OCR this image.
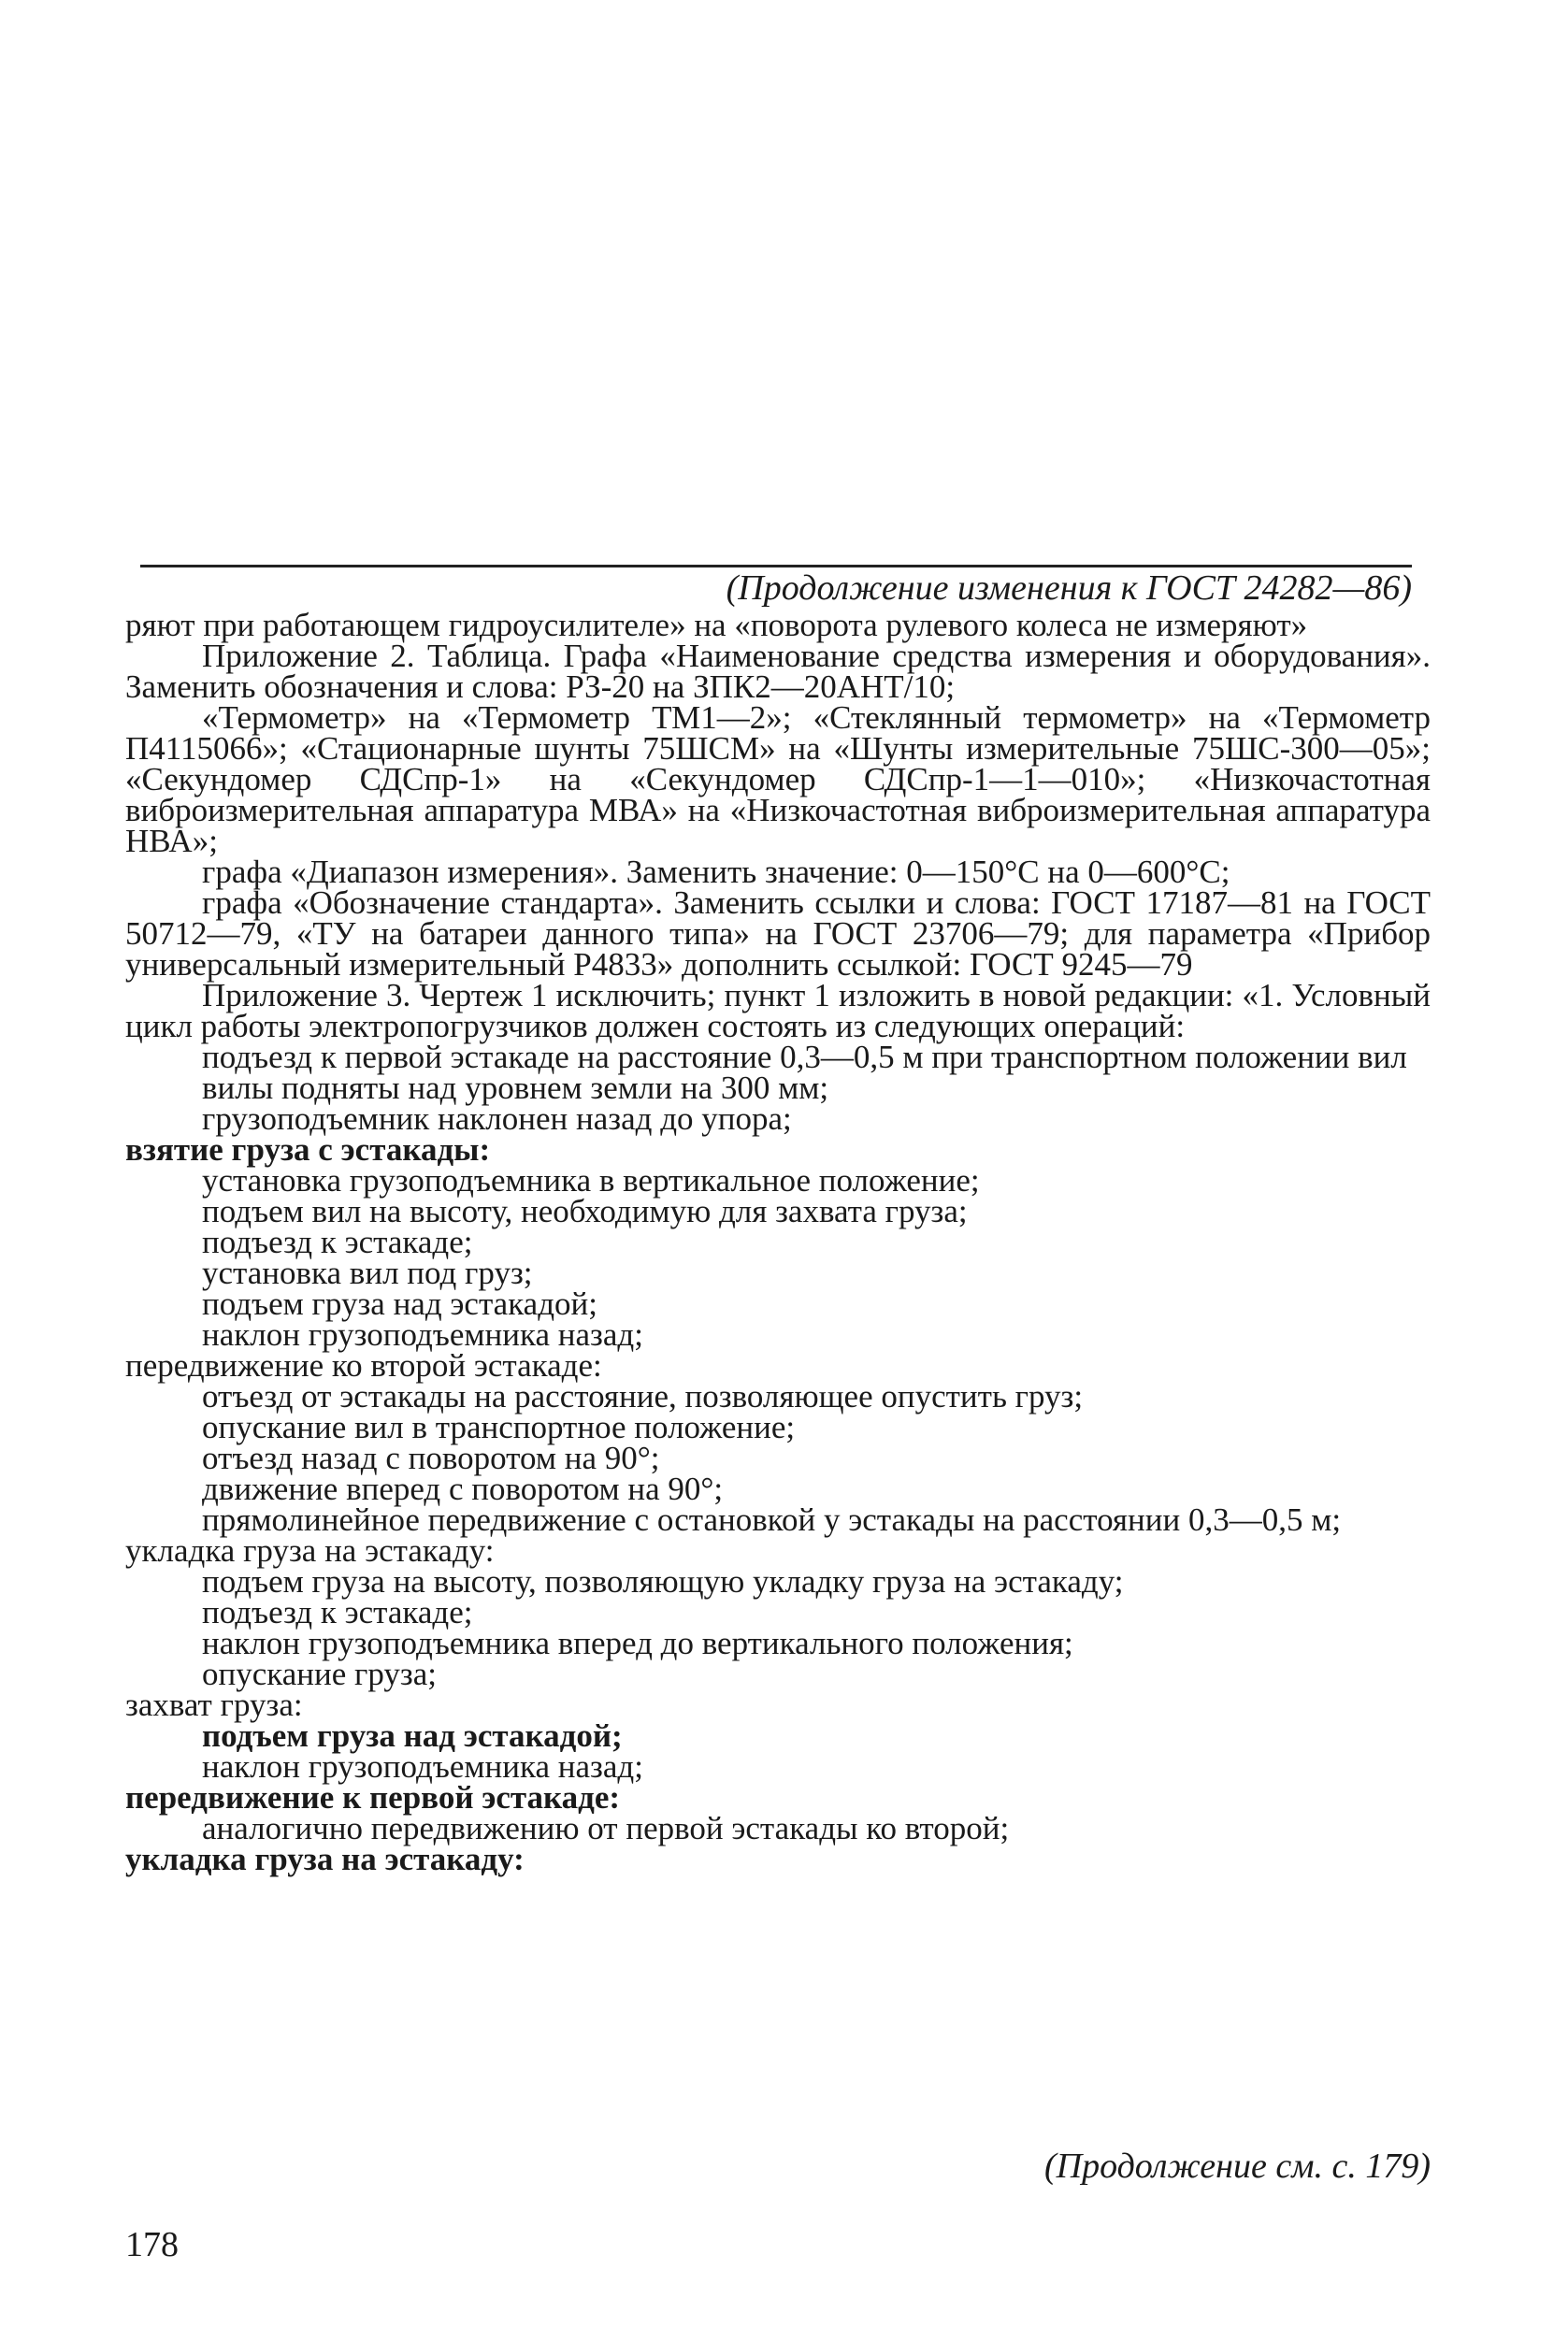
(Продолжение изменения к ГОСТ 24282—86)

ряют при работающем гидроусилителе» на «поворота рулевого колеса не измеряют»

Приложение 2. Таблица. Графа «Наименование средства измерения и оборудования». Заменить обозначения и слова: РЗ-20 на ЗПК2—20АНТ/10;

«Термометр» на «Термометр ТМ1—2»; «Стеклянный термометр» на «Термометр П4115066»; «Стационарные шунты 75ШСМ» на «Шунты измерительные 75ШС-300—05»; «Секундомер СДСпр-1» на «Секундомер СДСпр-1—1—010»; «Низкочастотная виброизмерительная аппаратура МВА» на «Низкочастотная виброизмерительная аппаратура НВА»;

графа «Диапазон измерения». Заменить значение: 0—150°С на 0—600°С;

графа «Обозначение стандарта». Заменить ссылки и слова: ГОСТ 17187—81 на ГОСТ 50712—79, «ТУ на батареи данного типа» на ГОСТ 23706—79; для параметра «Прибор универсальный измерительный Р4833» дополнить ссылкой: ГОСТ 9245—79

Приложение 3. Чертеж 1 исключить; пункт 1 изложить в новой редакции: «1. Условный цикл работы электропогрузчиков должен состоять из следующих операций:

подъезд к первой эстакаде на расстояние 0,3—0,5 м при транспортном положении вил

вилы подняты над уровнем земли на 300 мм;

грузоподъемник наклонен назад до упора;

взятие груза с эстакады:

установка грузоподъемника в вертикальное положение;

подъем вил на высоту, необходимую для захвата груза;

подъезд к эстакаде;

установка вил под груз;

подъем груза над эстакадой;

наклон грузоподъемника назад;

передвижение ко второй эстакаде:

отъезд от эстакады на расстояние, позволяющее опустить груз;

опускание вил в транспортное положение;

отъезд назад с поворотом на 90°;

движение вперед с поворотом на 90°;

прямолинейное передвижение с остановкой у эстакады на расстоянии 0,3—0,5 м;

укладка груза на эстакаду:

подъем груза на высоту, позволяющую укладку груза на эстакаду;

подъезд к эстакаде;

наклон грузоподъемника вперед до вертикального положения;

опускание груза;

захват груза:

подъем груза над эстакадой;

наклон грузоподъемника назад;

передвижение к первой эстакаде:

аналогично передвижению от первой эстакады ко второй;

укладка груза на эстакаду:

(Продолжение см. с. 179)
178
